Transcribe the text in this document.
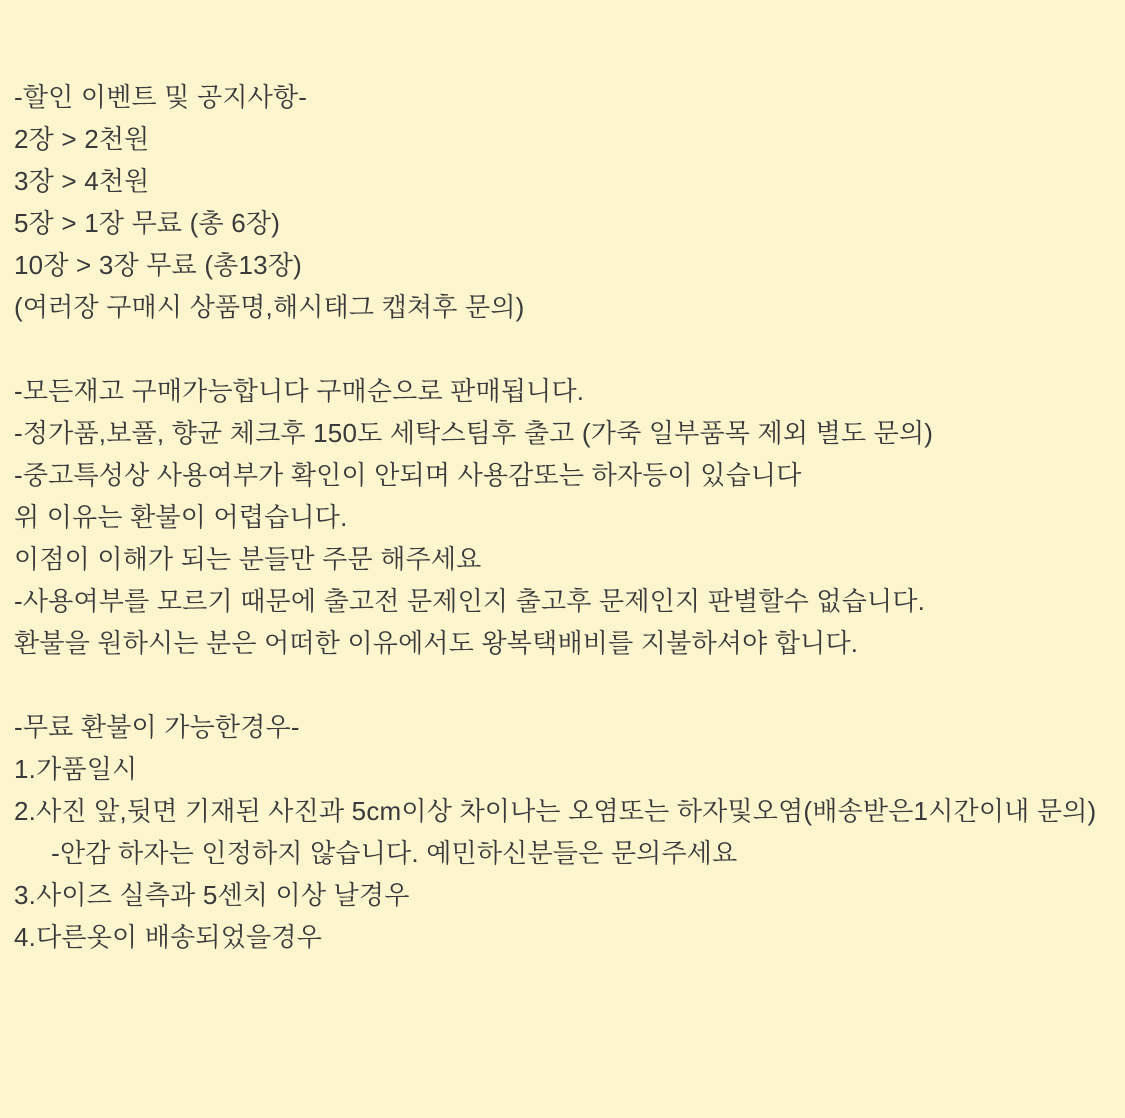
-할인 이벤트 및 공지사항-
2장 > 2천원
3장 > 4천원
5장 > 1장 무료 (총 6장)
10장 > 3장 무료 (총13장)
(여러장 구매시 상품명,해시태그 캡쳐후 문의)
-모든재고 구매가능합니다 구매순으로 판매됩니다.
-정가품,보풀, 향균 체크후 150도 세탁스팀후 출고 (가죽 일부품목 제외 별도 문의)
-중고특성상 사용여부가 확인이 안되며 사용감또는 하자등이 있습니다
위 이유는 환불이 어렵습니다.
이점이 이해가 되는 분들만 주문 해주세요
-사용여부를 모르기 때문에 출고전 문제인지 출고후 문제인지 판별할수 없습니다.
환불을 원하시는 분은 어떠한 이유에서도 왕복택배비를 지불하셔야 합니다.
-무료 환불이 가능한경우-
1.가품일시
2.사진 앞,뒷면 기재된 사진과 5cm이상 차이나는 오염또는 하자및오염(배송받은1시간이내 문의)
-안감 하자는 인정하지 않습니다. 예민하신분들은 문의주세요
3.사이즈 실측과 5센치 이상 날경우
4.다른옷이 배송되었을경우
